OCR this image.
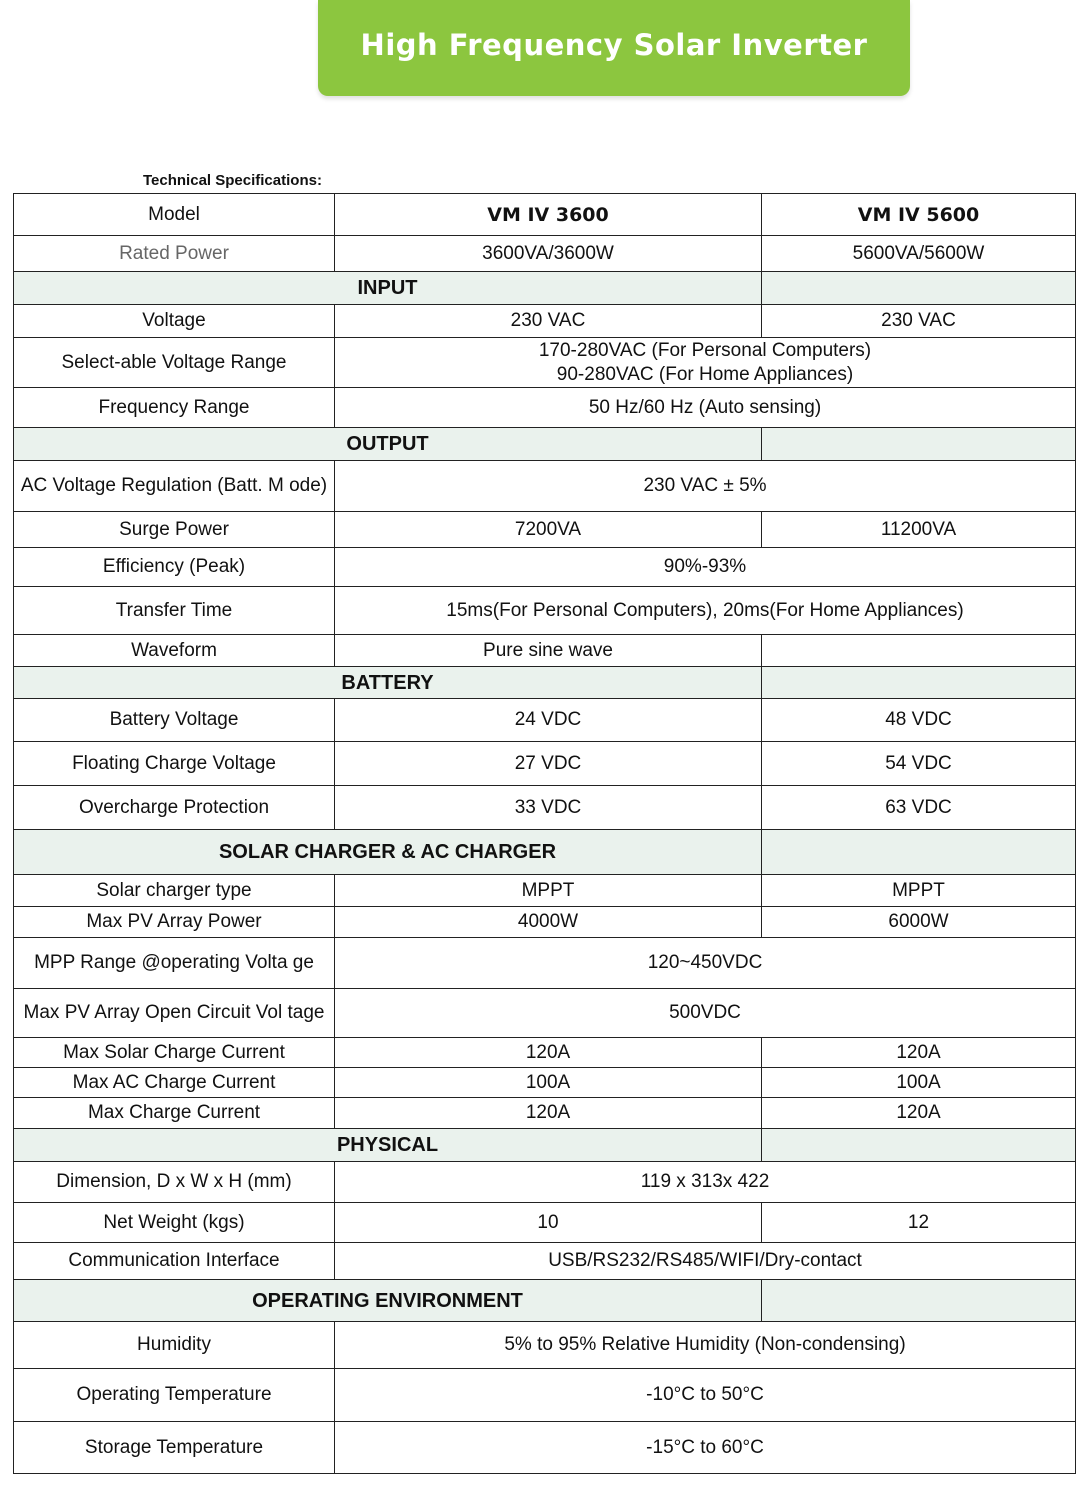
High Frequency Solar Inverter
Technical Specifications:
Model	VM IV 3600	VM IV 5600
Rated Power	3600VA/3600W	5600VA/5600W
INPUT		
Voltage	230 VAC	230 VAC
Select-able Voltage Range	170-280VAC (For Personal Computers)
90-280VAC (For Home Appliances)	

Frequency Range	50 Hz/60 Hz (Auto sensing)	
OUTPUT		
AC Voltage Regulation (Batt. M ode)	230 VAC ± 5%	
Surge Power	7200VA	11200VA
Efficiency (Peak)	90%-93%	
Transfer Time	15ms(For Personal Computers), 20ms(For Home Appliances)	
Waveform	Pure sine wave	
BATTERY		
Battery Voltage	24 VDC	48 VDC
Floating Charge Voltage	27 VDC	54 VDC
Overcharge Protection	33 VDC	63 VDC
SOLAR CHARGER & AC CHARGER		
Solar charger type	MPPT	MPPT
Max PV Array Power	4000W	6000W
MPP Range @operating Volta ge	120~450VDC	
Max PV Array Open Circuit Vol tage	500VDC	
Max Solar Charge Current	120A	120A
Max AC Charge Current	100A	100A
Max Charge Current	120A	120A
PHYSICAL		
Dimension, D x W x H (mm)	119 x 313x 422	
Net Weight (kgs)	10	12
Communication Interface	USB/RS232/RS485/WIFI/Dry-contact	
OPERATING ENVIRONMENT		
Humidity	5% to 95% Relative Humidity (Non-condensing)	
Operating Temperature	-10°C to 50°C	
Storage Temperature	-15°C to 60°C	
